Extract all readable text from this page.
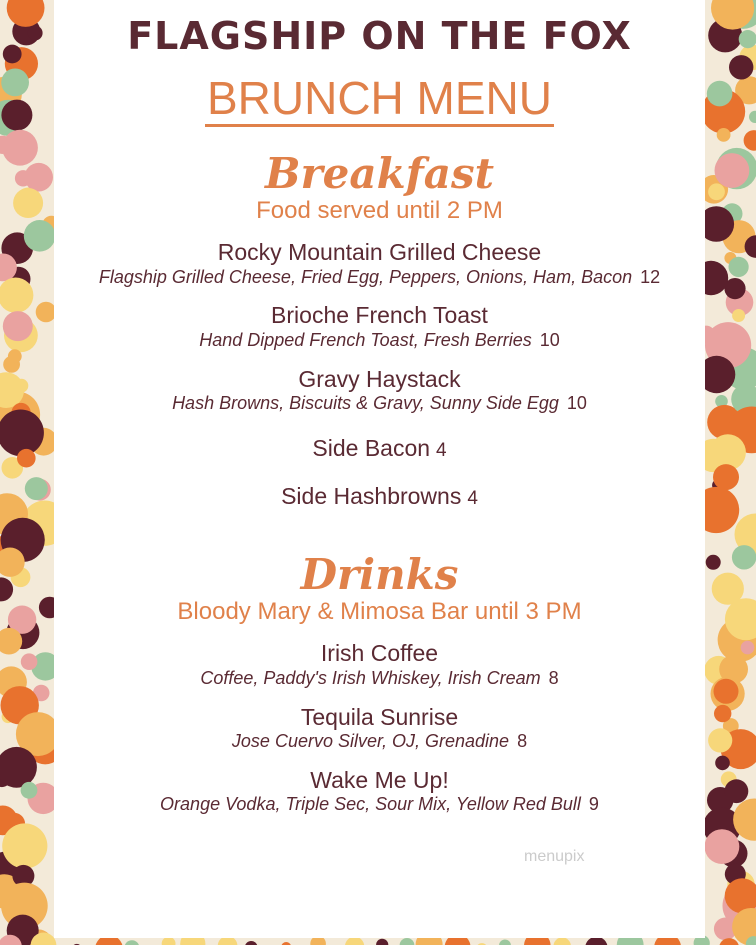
FLAGSHIP ON THE FOX
BRUNCH MENU
Breakfast
Food served until 2 PM
Rocky Mountain Grilled Cheese
Flagship Grilled Cheese, Fried Egg, Peppers, Onions, Ham, Bacon 12
Brioche French Toast
Hand Dipped French Toast, Fresh Berries 10
Gravy Haystack
Hash Browns, Biscuits & Gravy, Sunny Side Egg 10
Side Bacon 4
Side Hashbrowns 4
Drinks
Bloody Mary & Mimosa Bar until 3 PM
Irish Coffee
Coffee, Paddy's Irish Whiskey, Irish Cream 8
Tequila Sunrise
Jose Cuervo Silver, OJ, Grenadine 8
Wake Me Up!
Orange Vodka, Triple Sec, Sour Mix, Yellow Red Bull 9
menupix
